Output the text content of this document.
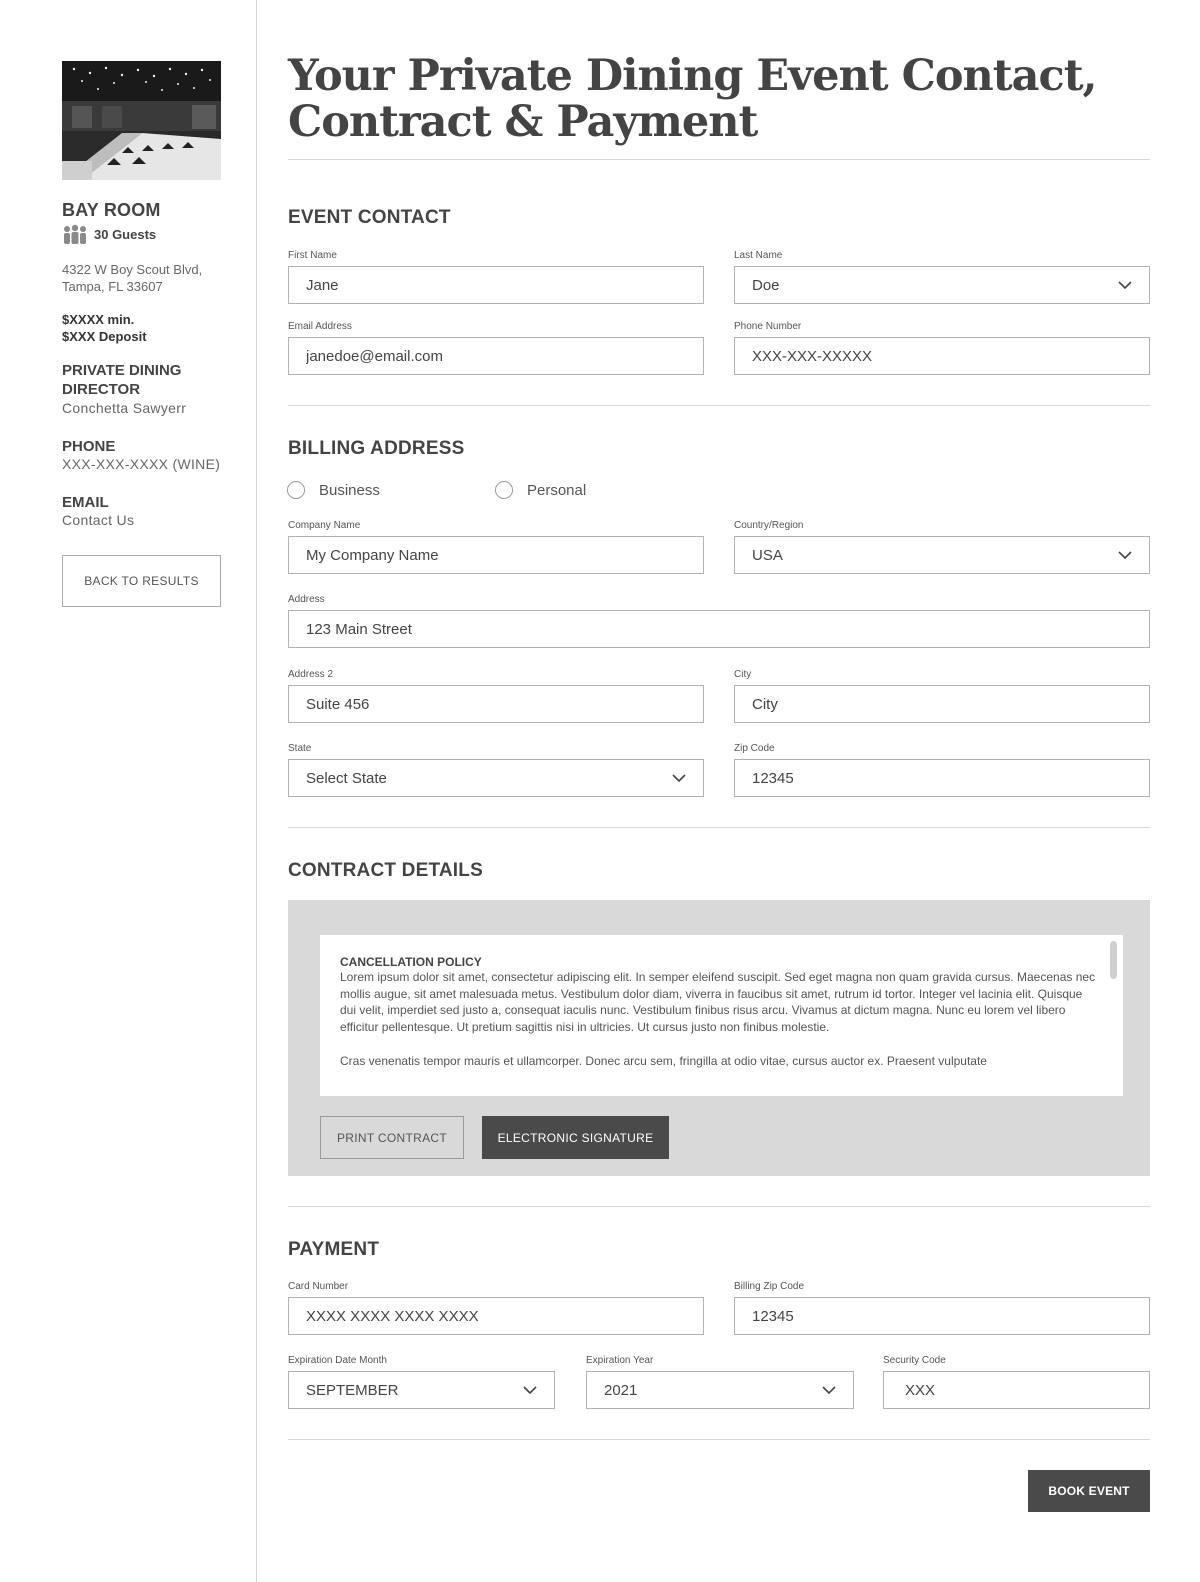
BAY ROOM
30 Guests
4322 W Boy Scout Blvd,
Tampa, FL 33607
$XXXX min.
$XXX Deposit
PRIVATE DINING DIRECTOR
Conchetta Sawyerr
PHONE
XXX-XXX-XXXX (WINE)
EMAIL
Contact Us
BACK TO RESULTS
Your Private Dining Event Contact,
Contract & Payment
EVENT CONTACT
First Name
Jane	Last Name
Doe
Email Address
janedoe@email.com	Phone Number
XXX-XXX-XXXXX
BILLING ADDRESS
Business	Personal
Company Name
My Company Name	Country/Region
USA
Address
123 Main Street
Address 2
Suite 456	City
City
State
Select State
Zip Code
12345
CONTRACT DETAILS
CANCELLATION POLICY

Lorem ipsum dolor sit amet, consectetur adipiscing elit. In semper eleifend suscipit. Sed eget magna non quam gravida cursus. Maecenas nec mollis augue, sit amet malesuada metus. Vestibulum dolor diam, viverra in faucibus sit amet, rutrum id tortor. Integer vel lacinia elit. Quisque dui velit, imperdiet sed justo a, consequat iaculis nunc. Vestibulum finibus risus arcu. Vivamus at dictum magna. Nunc eu lorem vel libero efficitur pellentesque. Ut pretium sagittis nisi in ultricies. Ut cursus justo non finibus molestie.

Cras venenatis tempor mauris et ullamcorper. Donec arcu sem, fringilla at odio vitae, cursus auctor ex. Praesent vulputate

PRINT CONTRACT	ELECTRONIC SIGNATURE
PAYMENT
Card Number
XXXX XXXX XXXX XXXX	Billing Zip Code
12345
Expiration Date Month
SEPTEMBER
Expiration Year
2021
Security Code
XXX
BOOK EVENT
